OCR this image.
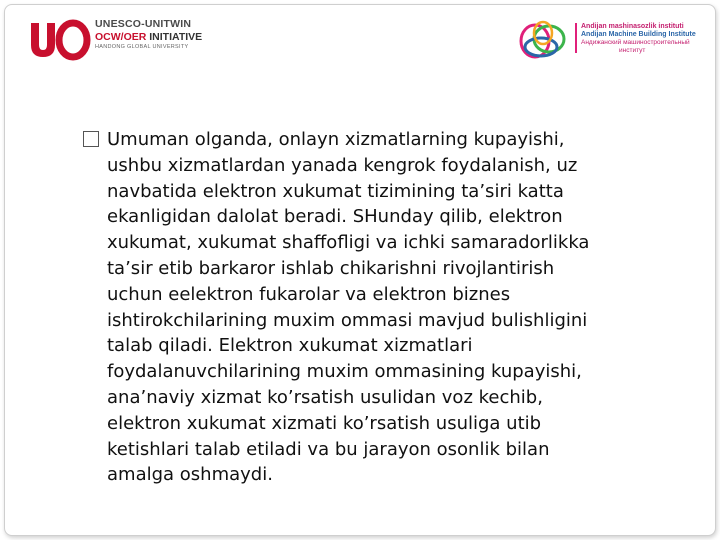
UNESCO-UNITWIN
OCW/OER INITIATIVE
HANDONG GLOBAL UNIVERSITY
Andijan mashinasozlik instituti
Andijan Machine Building Institute
Андижанский машиностроительный
институт
Umuman olganda, onlayn xizmatlarning kupayishi,
ushbu xizmatlardan yanada kengrok foydalanish, uz
navbatida elektron xukumat tizimining ta’siri katta
ekanligidan dalolat beradi. SHunday qilib, elektron
xukumat, xukumat shaffofligi va ichki samaradorlikka
ta’sir etib barkaror ishlab chikarishni rivojlantirish
uchun eelektron fukarolar va elektron biznes
ishtirokchilarining muxim ommasi mavjud bulishligini
talab qiladi. Elektron xukumat xizmatlari
foydalanuvchilarining muxim ommasining kupayishi,
ana’naviy xizmat ko’rsatish usulidan voz kechib,
elektron xukumat xizmati ko’rsatish usuliga utib
ketishlari talab etiladi va bu jarayon osonlik bilan
amalga oshmaydi.
